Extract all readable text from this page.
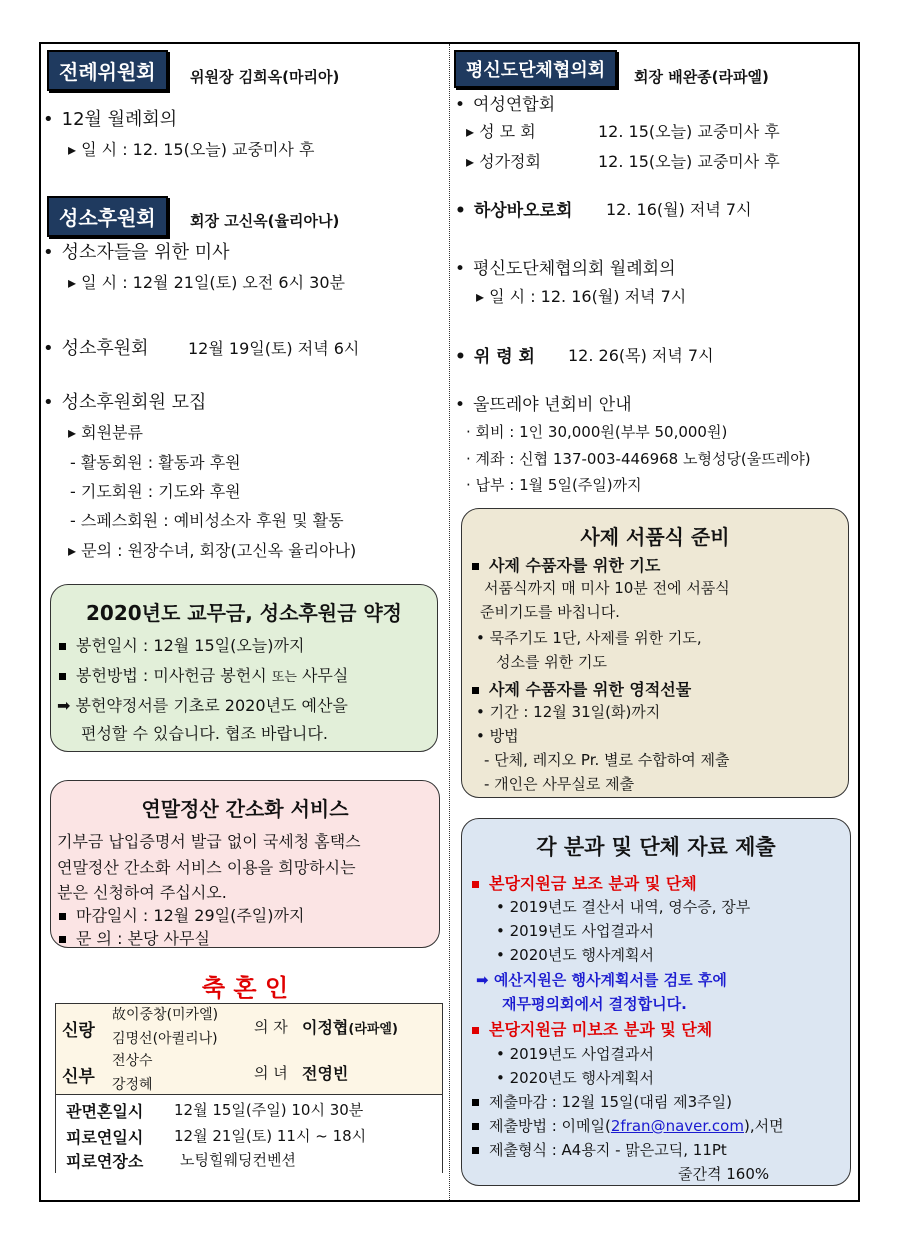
전례위원회	위원장 김희옥(마리아)
• 12월 월례회의
▸ 일 시 : 12. 15(오늘) 교중미사 후
성소후원회	회장 고신옥(율리아나)
• 성소자들을 위한 미사
▸ 일 시 : 12월 21일(토) 오전 6시 30분
• 성소후원회 12월 19일(토) 저녁 6시
• 성소후원회원 모집
▸ 회원분류
- 활동회원 : 활동과 후원
- 기도회원 : 기도와 후원
- 스페스회원 : 예비성소자 후원 및 활동
▸ 문의 : 원장수녀, 회장(고신옥 율리아나)
2020년도 교무금, 성소후원금 약정
봉헌일시 : 12월 15일(오늘)까지
봉헌방법 : 미사헌금 봉헌시 또는 사무실
➡ 봉헌약정서를 기초로 2020년도 예산을
편성할 수 있습니다. 협조 바랍니다.
연말정산 간소화 서비스
기부금 납입증명서 발급 없이 국세청 홈택스
연말정산 간소화 서비스 이용을 희망하시는
분은 신청하여 주십시오.
마감일시 : 12월 29일(주일)까지
문 의 : 본당 사무실
축 혼 인
신랑
故이중창(미카엘)
김명선(아퀼리나)
의 자 이정협(라파엘)
신부
전상수
강정혜
의 녀 전영빈
관면혼일시 12월 15일(주일) 10시 30분
피로연일시 12월 21일(토) 11시 ~ 18시
피로연장소 노팅힐웨딩컨벤션
평신도단체협의회	회장 배완종(라파엘)
• 여성연합회
▸ 성 모 회	12. 15(오늘) 교중미사 후
▸ 성가정회	12. 15(오늘) 교중미사 후
• 하상바오로회 12. 16(월) 저녁 7시
• 평신도단체협의회 월례회의
▸ 일 시 : 12. 16(월) 저녁 7시
• 위 령 회 12. 26(목) 저녁 7시
• 울뜨레야 년회비 안내
· 회비 : 1인 30,000원(부부 50,000원)
· 계좌 : 신협 137-003-446968 노형성당(울뜨레야)
· 납부 : 1월 5일(주일)까지
사제 서품식 준비
사제 수품자를 위한 기도
서품식까지 매 미사 10분 전에 서품식
준비기도를 바칩니다.
• 묵주기도 1단, 사제를 위한 기도,
성소를 위한 기도
사제 수품자를 위한 영적선물
• 기간 : 12월 31일(화)까지
• 방법
- 단체, 레지오 Pr. 별로 수합하여 제출
- 개인은 사무실로 제출
각 분과 및 단체 자료 제출
본당지원금 보조 분과 및 단체
• 2019년도 결산서 내역, 영수증, 장부
• 2019년도 사업결과서
• 2020년도 행사계획서
➡ 예산지원은 행사계획서를 검토 후에
재무평의회에서 결정합니다.
본당지원금 미보조 분과 및 단체
• 2019년도 사업결과서
• 2020년도 행사계획서
제출마감 : 12월 15일(대림 제3주일)
제출방법 : 이메일(2fran@naver.com),서면
제출형식 : A4용지 - 맑은고딕, 11Pt
줄간격 160%
